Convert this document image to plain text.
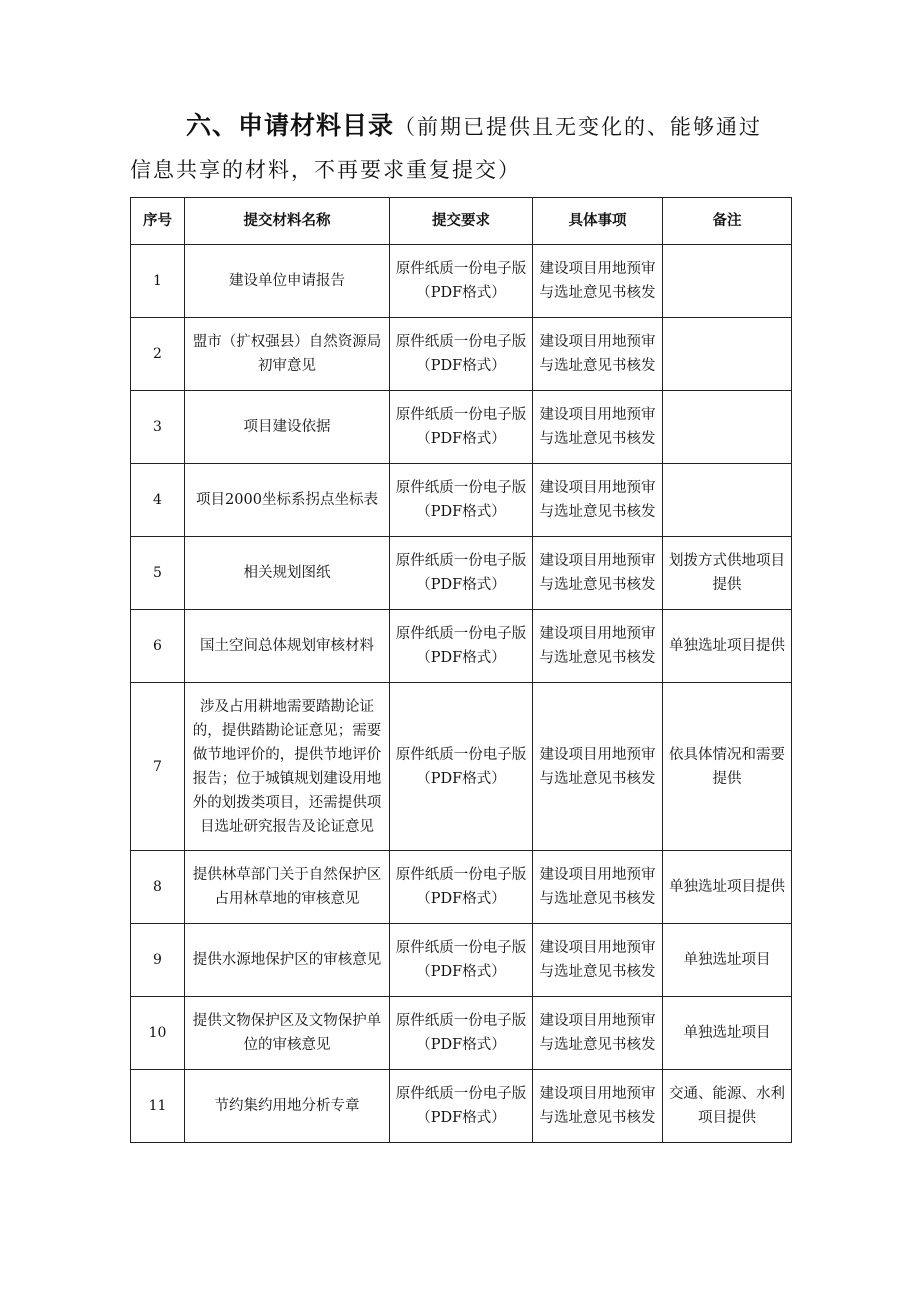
六、申请材料目录（前期已提供且无变化的、能够通过
信息共享的材料，不再要求重复提交）
序号	提交材料名称	提交要求	具体事项	备注
1	建设单位申请报告	原件纸质一份电子版（PDF格式）	建设项目用地预审与选址意见书核发	
2	盟市（扩权强县）自然资源局初审意见	原件纸质一份电子版（PDF格式）	建设项目用地预审与选址意见书核发	
3	项目建设依据	原件纸质一份电子版（PDF格式）	建设项目用地预审与选址意见书核发	
4	项目2000坐标系拐点坐标表	原件纸质一份电子版（PDF格式）	建设项目用地预审与选址意见书核发	
5	相关规划图纸	原件纸质一份电子版（PDF格式）	建设项目用地预审与选址意见书核发	划拨方式供地项目提供
6	国土空间总体规划审核材料	原件纸质一份电子版（PDF格式）	建设项目用地预审与选址意见书核发	单独选址项目提供
7	涉及占用耕地需要踏勘论证的，提供踏勘论证意见；需要做节地评价的，提供节地评价报告；位于城镇规划建设用地外的划拨类项目，还需提供项目选址研究报告及论证意见	原件纸质一份电子版（PDF格式）	建设项目用地预审与选址意见书核发	依具体情况和需要提供
8	提供林草部门关于自然保护区占用林草地的审核意见	原件纸质一份电子版（PDF格式）	建设项目用地预审与选址意见书核发	单独选址项目提供
9	提供水源地保护区的审核意见	原件纸质一份电子版（PDF格式）	建设项目用地预审与选址意见书核发	单独选址项目
10	提供文物保护区及文物保护单位的审核意见	原件纸质一份电子版（PDF格式）	建设项目用地预审与选址意见书核发	单独选址项目
11	节约集约用地分析专章	原件纸质一份电子版（PDF格式）	建设项目用地预审与选址意见书核发	交通、能源、水利项目提供
